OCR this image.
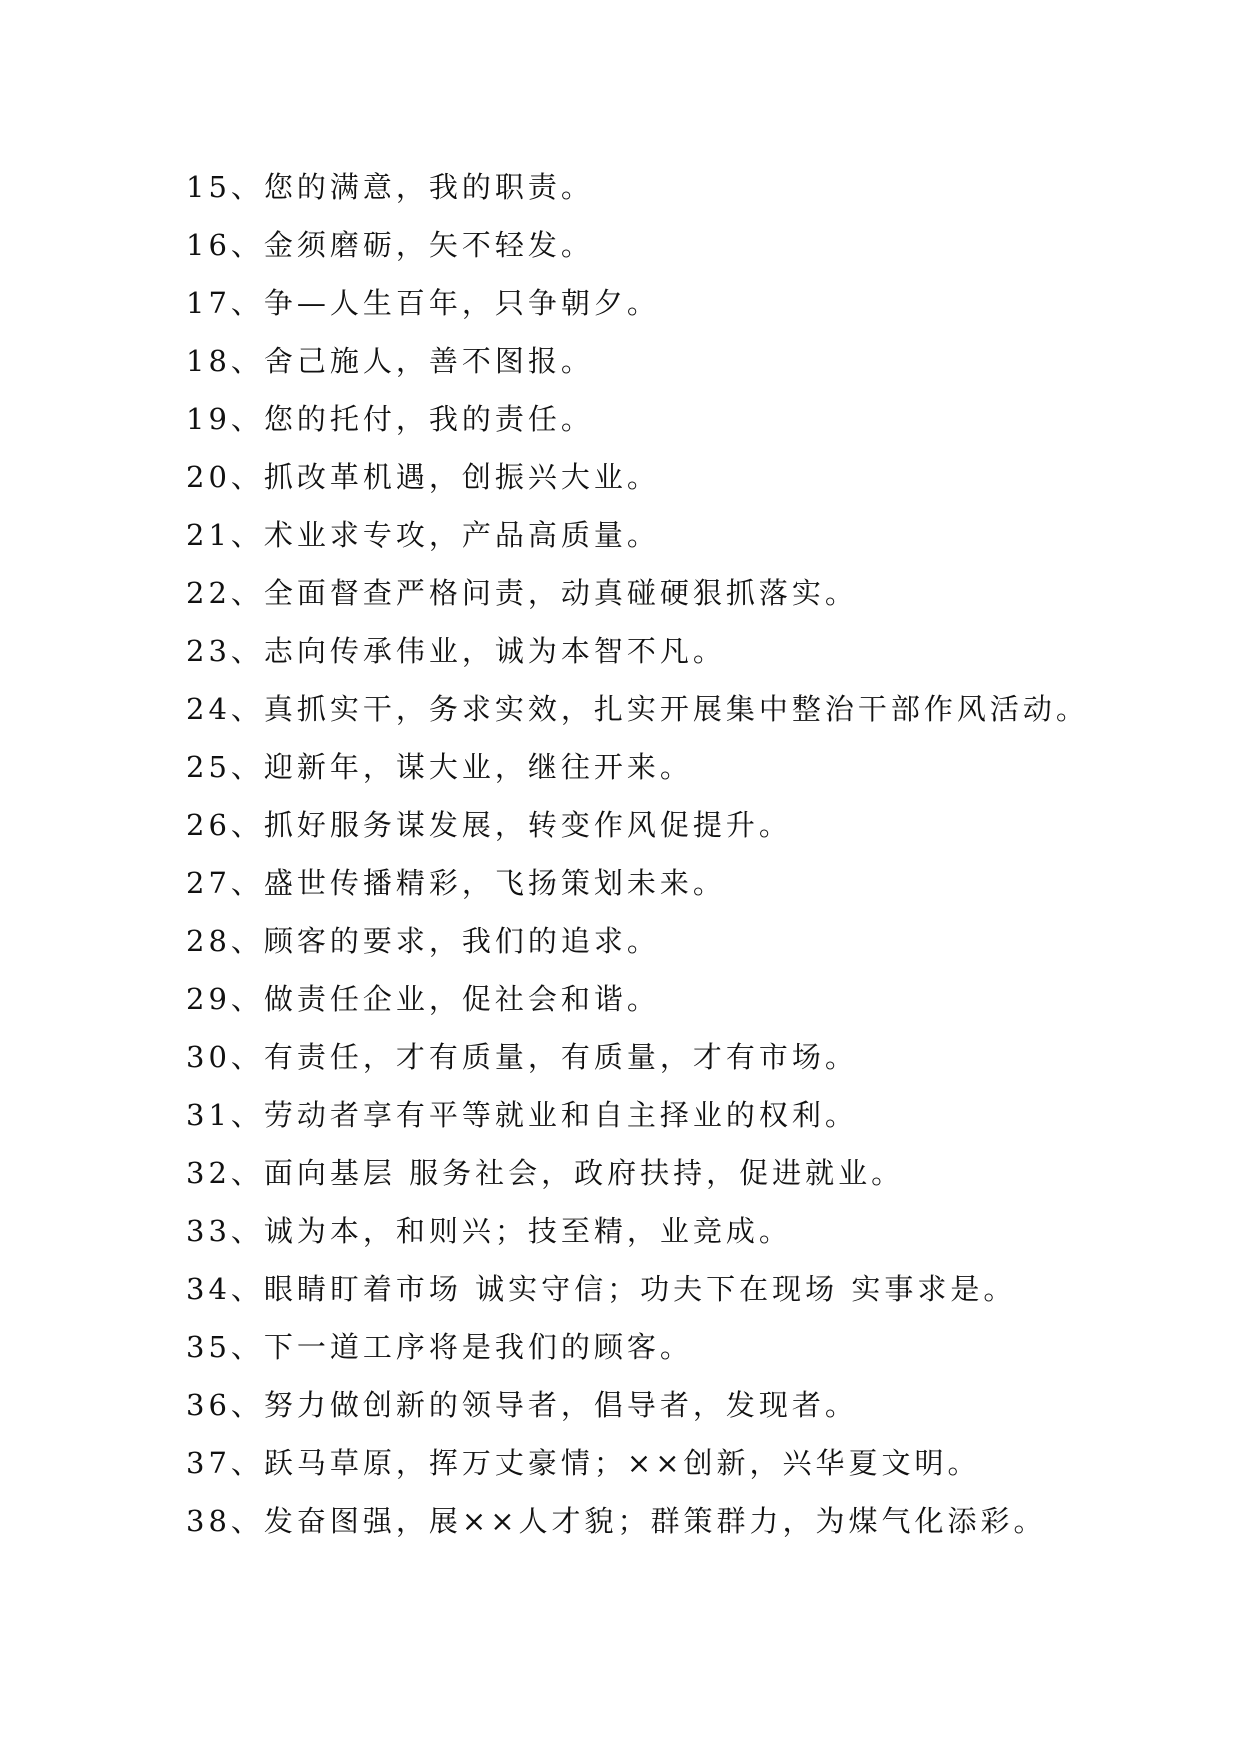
15、您的满意，我的职责。
16、金须磨砺，矢不轻发。
17、争—人生百年，只争朝夕。
18、舍己施人，善不图报。
19、您的托付，我的责任。
20、抓改革机遇，创振兴大业。
21、术业求专攻，产品高质量。
22、全面督查严格问责，动真碰硬狠抓落实。
23、志向传承伟业，诚为本智不凡。
24、真抓实干，务求实效，扎实开展集中整治干部作风活动。
25、迎新年，谋大业，继往开来。
26、抓好服务谋发展，转变作风促提升。
27、盛世传播精彩，飞扬策划未来。
28、顾客的要求，我们的追求。
29、做责任企业，促社会和谐。
30、有责任，才有质量，有质量，才有市场。
31、劳动者享有平等就业和自主择业的权利。
32、面向基层 服务社会，政府扶持，促进就业。
33、诚为本，和则兴；技至精，业竞成。
34、眼睛盯着市场 诚实守信；功夫下在现场 实事求是。
35、下一道工序将是我们的顾客。
36、努力做创新的领导者，倡导者，发现者。
37、跃马草原，挥万丈豪情；××创新，兴华夏文明。
38、发奋图强，展××人才貌；群策群力，为煤气化添彩。
